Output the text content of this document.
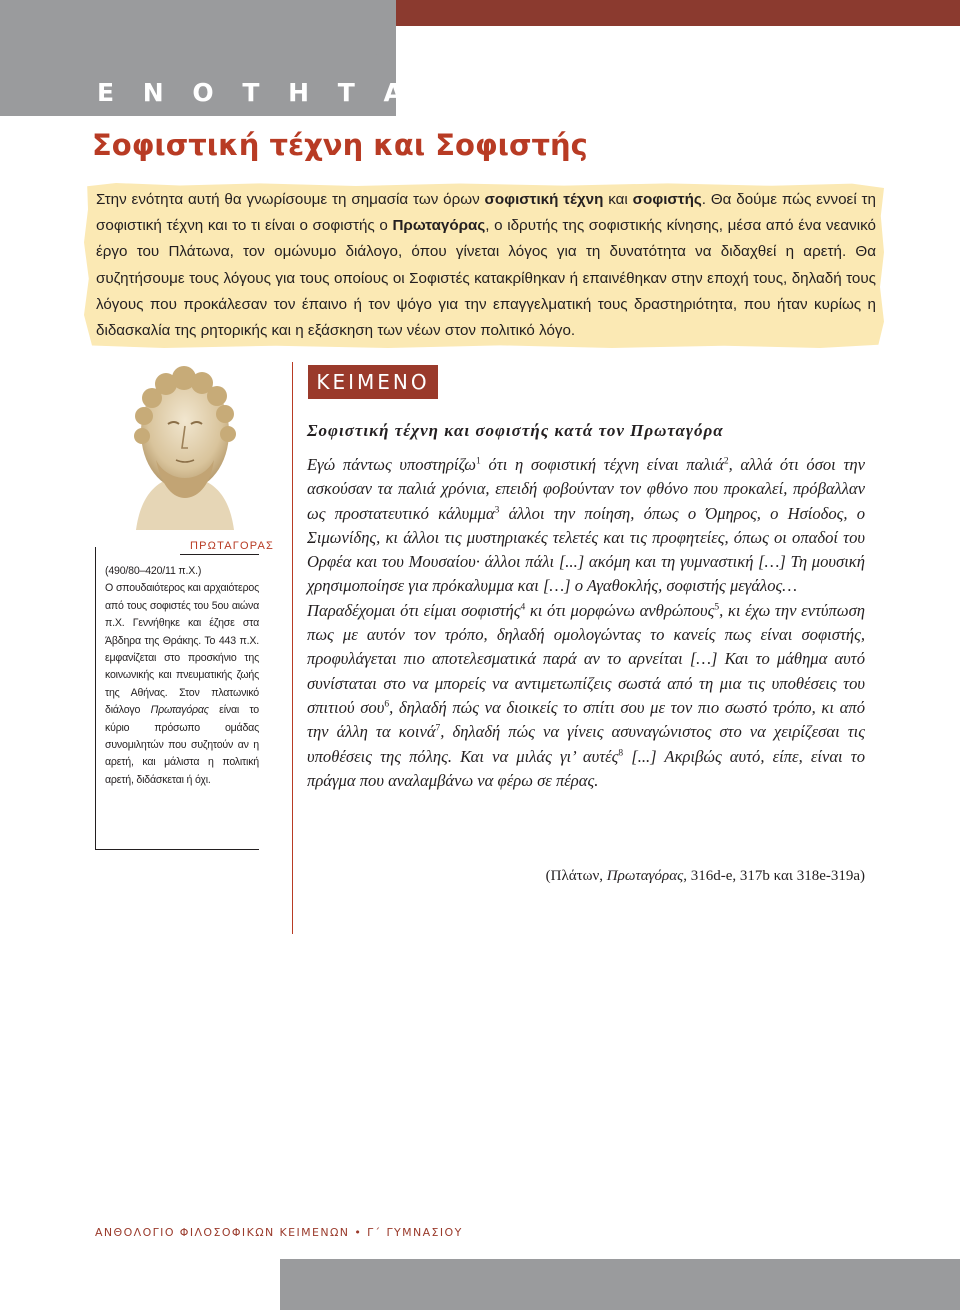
Ε Ν Ο Τ Η Τ Α 1η
Σοφιστική τέχνη και Σοφιστής

Στην ενότητα αυτή θα γνωρίσουμε τη σημασία των όρων σοφιστική τέχνη και σοφιστής. Θα δούμε πώς εννοεί τη σοφιστική τέχνη και το τι είναι ο σοφιστής ο Πρωταγόρας, ο ιδρυτής της σοφιστικής κίνησης, μέσα από ένα νεανικό έργο του Πλάτωνα, τον ομώνυμο διάλογο, όπου γίνεται λόγος για τη δυνατότητα να διδαχθεί η αρετή. Θα συζητήσουμε τους λόγους για τους οποίους οι Σοφιστές κατακρίθηκαν ή επαινέθηκαν στην εποχή τους, δηλαδή τους λόγους που προκάλεσαν τον έπαινο ή τον ψόγο για την επαγγελματική τους δραστηριότητα, που ήταν κυρίως η διδασκαλία της ρητορικής και η εξάσκηση των νέων στον πολιτικό λόγο.

ΠΡΩΤΑΓΟΡΑΣ

(490/80–420/11 π.Χ.)
Ο σπουδαιότερος και αρχαιότερος από τους σοφιστές του 5ου αιώνα π.Χ. Γεννήθηκε και έζησε στα Άβδηρα της Θράκης. Το 443 π.Χ. εμφανίζεται στο προσκήνιο της κοινωνικής και πνευματικής ζωής της Αθήνας. Στον πλατωνικό διάλογο Πρωταγόρας είναι το κύριο πρόσωπο ομάδας συνομιλητών που συζητούν αν η αρετή, και μάλιστα η πολιτική αρετή, διδάσκεται ή όχι.

ΚΕΙΜΕΝΟ
Σοφιστική τέχνη και σοφιστής κατά τον Πρωταγόρα

Εγώ πάντως υποστηρίζω$^1$ ότι η σοφιστική τέχνη είναι παλιά$^2$, αλλά ότι όσοι την ασκούσαν τα παλιά χρόνια, επειδή φοβούνταν τον φθόνο που προκαλεί, πρόβαλλαν ως προστατευτικό κάλυμμα$^3$ άλλοι την ποίηση, όπως ο Όμηρος, ο Ησίοδος, ο Σιμωνίδης, κι άλλοι τις μυστηριακές τελετές και τις προφητείες, όπως οι οπαδοί του Ορφέα και του Μουσαίου· άλλοι πάλι [...] ακόμη και τη γυμναστική […] Τη μουσική χρησιμοποίησε για πρόκαλυμμα και […] ο Αγαθοκλής, σοφιστής μεγάλος…

Παραδέχομαι ότι είμαι σοφιστής$^4$ κι ότι μορφώνω ανθρώπους$^5$, κι έχω την εντύπωση πως με αυτόν τον τρόπο, δηλαδή ομολογώντας το κανείς πως είναι σοφιστής, προφυλάγεται πιο αποτελεσματικά παρά αν το αρνείται […] Και το μάθημα αυτό συνίσταται στο να μπορείς να αντιμετωπίζεις σωστά από τη μια τις υποθέσεις του σπιτιού σου$^6$, δηλαδή πώς να διοικείς το σπίτι σου με τον πιο σωστό τρόπο, κι από την άλλη τα κοινά$^7$, δηλαδή πώς να γίνεις ασυναγώνιστος στο να χειρίζεσαι τις υποθέσεις της πόλης. Και να μιλάς γι’ αυτές$^8$ [...] Ακριβώς αυτό, είπε, είναι το πράγμα που αναλαμβάνω να φέρω σε πέρας.

(Πλάτων, Πρωταγόρας, 316d-e, 317b και 318e-319a)
ΑΝΘΟΛΟΓΙΟ ΦΙΛΟΣΟΦΙΚΩΝ ΚΕΙΜΕΝΩΝ • Γ΄ ΓΥΜΝΑΣΙΟΥ
